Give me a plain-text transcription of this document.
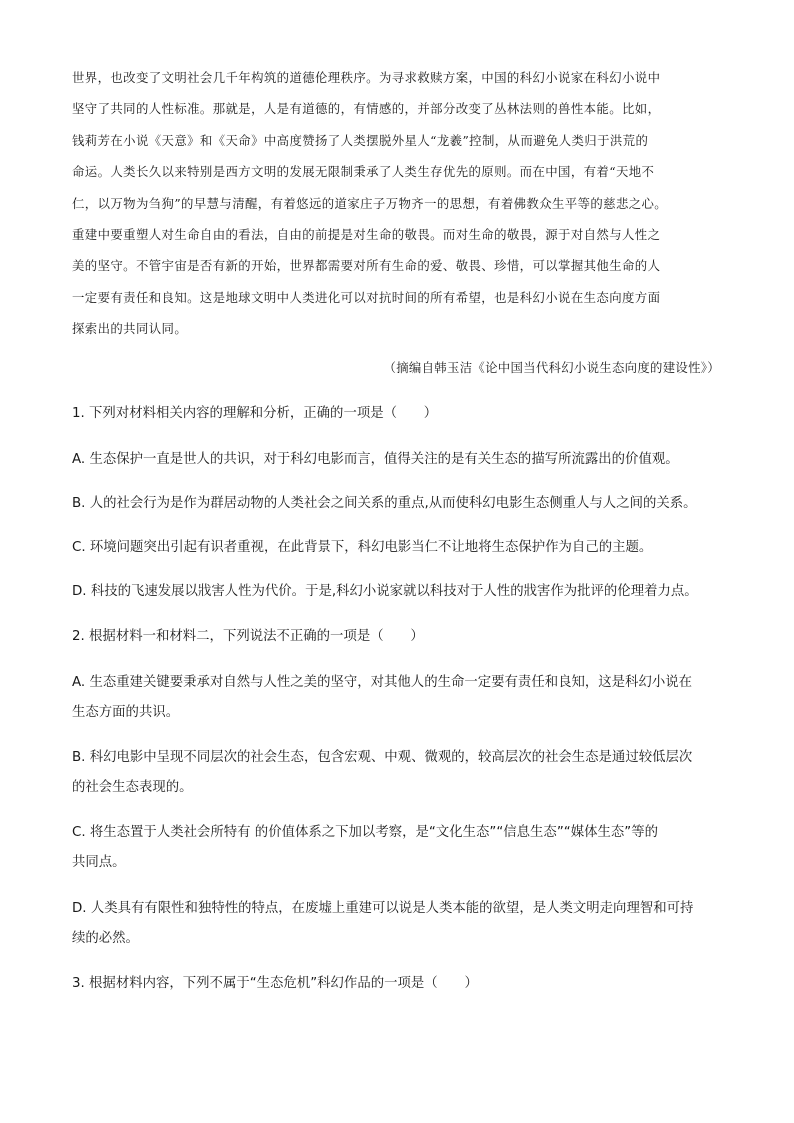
世界，也改变了文明社会几千年构筑的道德伦理秩序。为寻求救赎方案，中国的科幻小说家在科幻小说中
坚守了共同的人性标准。那就是，人是有道德的，有情感的，并部分改变了丛林法则的兽性本能。比如，
钱莉芳在小说《天意》和《天命》中高度赞扬了人类摆脱外星人“龙羲”控制，从而避免人类归于洪荒的
命运。人类长久以来特别是西方文明的发展无限制秉承了人类生存优先的原则。而在中国，有着“天地不
仁，以万物为刍狗”的早慧与清醒，有着悠远的道家庄子万物齐一的思想，有着佛教众生平等的慈悲之心。
重建中要重塑人对生命自由的看法，自由的前提是对生命的敬畏。而对生命的敬畏，源于对自然与人性之
美的坚守。不管宇宙是否有新的开始，世界都需要对所有生命的爱、敬畏、珍惜，可以掌握其他生命的人
一定要有责任和良知。这是地球文明中人类进化可以对抗时间的所有希望，也是科幻小说在生态向度方面
探索出的共同认同。
（摘编自韩玉洁《论中国当代科幻小说生态向度的建设性》）
1. 下列对材料相关内容的理解和分析，正确的一项是（　　）
A. 生态保护一直是世人的共识，对于科幻电影而言，值得关注的是有关生态的描写所流露出的价值观。
B. 人的社会行为是作为群居动物的人类社会之间关系的重点,从而使科幻电影生态侧重人与人之间的关系。
C. 环境问题突出引起有识者重视，在此背景下，科幻电影当仁不让地将生态保护作为自己的主题。
D. 科技的飞速发展以戕害人性为代价。于是,科幻小说家就以科技对于人性的戕害作为批评的伦理着力点。
2. 根据材料一和材料二，下列说法不正确的一项是（　　）
A. 生态重建关键要秉承对自然与人性之美的坚守，对其他人的生命一定要有责任和良知，这是科幻小说在
生态方面的共识。
B. 科幻电影中呈现不同层次的社会生态，包含宏观、中观、微观的，较高层次的社会生态是通过较低层次
的社会生态表现的。
C. 将生态置于人类社会所特有 的价值体系之下加以考察，是“文化生态”“信息生态”“媒体生态”等的
共同点。
D. 人类具有有限性和独特性的特点，在废墟上重建可以说是人类本能的欲望，是人类文明走向理智和可持
续的必然。
3. 根据材料内容，下列不属于“生态危机”科幻作品的一项是（　　）
